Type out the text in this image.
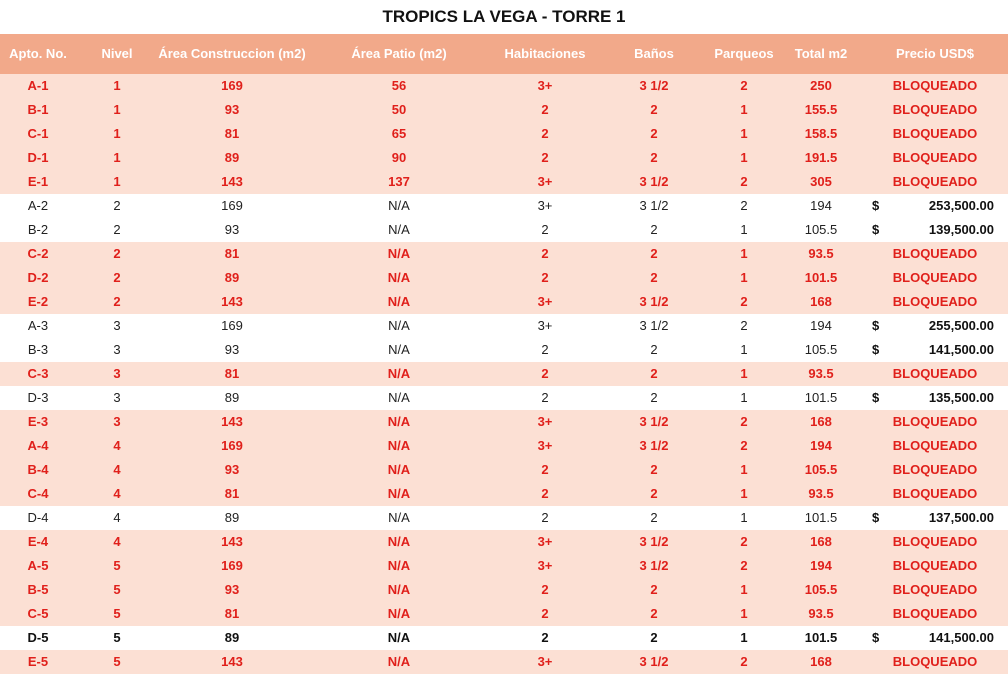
TROPICS LA VEGA - TORRE 1
Apto. No.	Nivel	Área Construccion (m2)	Área Patio (m2)	Habitaciones	Baños	Parqueos	Total m2	Precio USD$
A-1	1	169	56	3+	3 1/2	2	250	BLOQUEADO
B-1	1	93	50	2	2	1	155.5	BLOQUEADO
C-1	1	81	65	2	2	1	158.5	BLOQUEADO
D-1	1	89	90	2	2	1	191.5	BLOQUEADO
E-1	1	143	137	3+	3 1/2	2	305	BLOQUEADO
A-2	2	169	N/A	3+	3 1/2	2	194	$	253,500.00
B-2	2	93	N/A	2	2	1	105.5	$	139,500.00
C-2	2	81	N/A	2	2	1	93.5	BLOQUEADO
D-2	2	89	N/A	2	2	1	101.5	BLOQUEADO
E-2	2	143	N/A	3+	3 1/2	2	168	BLOQUEADO
A-3	3	169	N/A	3+	3 1/2	2	194	$	255,500.00
B-3	3	93	N/A	2	2	1	105.5	$	141,500.00
C-3	3	81	N/A	2	2	1	93.5	BLOQUEADO
D-3	3	89	N/A	2	2	1	101.5	$	135,500.00
E-3	3	143	N/A	3+	3 1/2	2	168	BLOQUEADO
A-4	4	169	N/A	3+	3 1/2	2	194	BLOQUEADO
B-4	4	93	N/A	2	2	1	105.5	BLOQUEADO
C-4	4	81	N/A	2	2	1	93.5	BLOQUEADO
D-4	4	89	N/A	2	2	1	101.5	$	137,500.00
E-4	4	143	N/A	3+	3 1/2	2	168	BLOQUEADO
A-5	5	169	N/A	3+	3 1/2	2	194	BLOQUEADO
B-5	5	93	N/A	2	2	1	105.5	BLOQUEADO
C-5	5	81	N/A	2	2	1	93.5	BLOQUEADO
D-5	5	89	N/A	2	2	1	101.5	$	141,500.00
E-5	5	143	N/A	3+	3 1/2	2	168	BLOQUEADO
